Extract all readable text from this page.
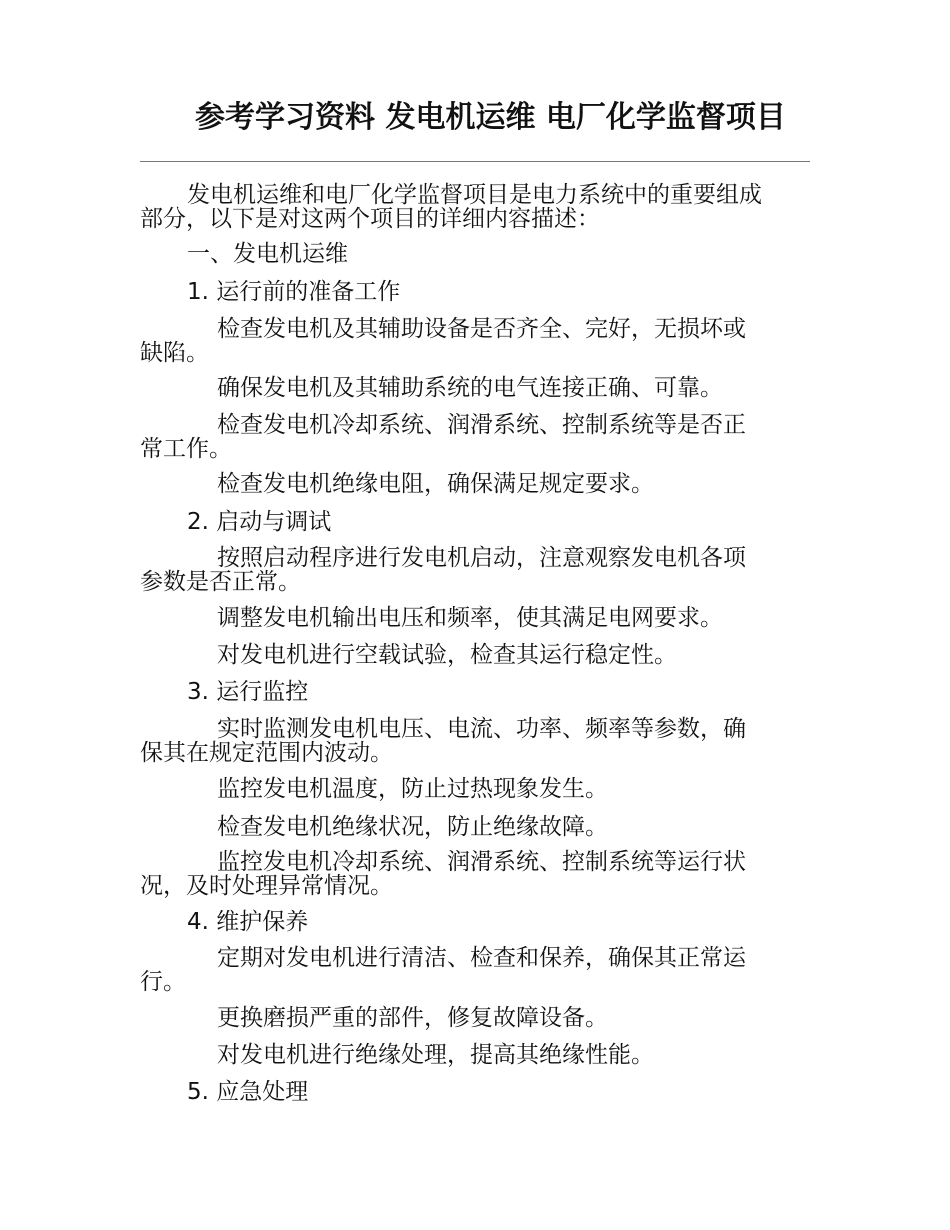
参考学习资料 发电机运维 电厂化学监督项目
发电机运维和电厂化学监督项目是电力系统中的重要组成
部分，以下是对这两个项目的详细内容描述：
一、发电机运维
1. 运行前的准备工作
检查发电机及其辅助设备是否齐全、完好，无损坏或
缺陷。
确保发电机及其辅助系统的电气连接正确、可靠。
检查发电机冷却系统、润滑系统、控制系统等是否正
常工作。
检查发电机绝缘电阻，确保满足规定要求。
2. 启动与调试
按照启动程序进行发电机启动，注意观察发电机各项
参数是否正常。
调整发电机输出电压和频率，使其满足电网要求。
对发电机进行空载试验，检查其运行稳定性。
3. 运行监控
实时监测发电机电压、电流、功率、频率等参数，确
保其在规定范围内波动。
监控发电机温度，防止过热现象发生。
检查发电机绝缘状况，防止绝缘故障。
监控发电机冷却系统、润滑系统、控制系统等运行状
况，及时处理异常情况。
4. 维护保养
定期对发电机进行清洁、检查和保养，确保其正常运
行。
更换磨损严重的部件，修复故障设备。
对发电机进行绝缘处理，提高其绝缘性能。
5. 应急处理
